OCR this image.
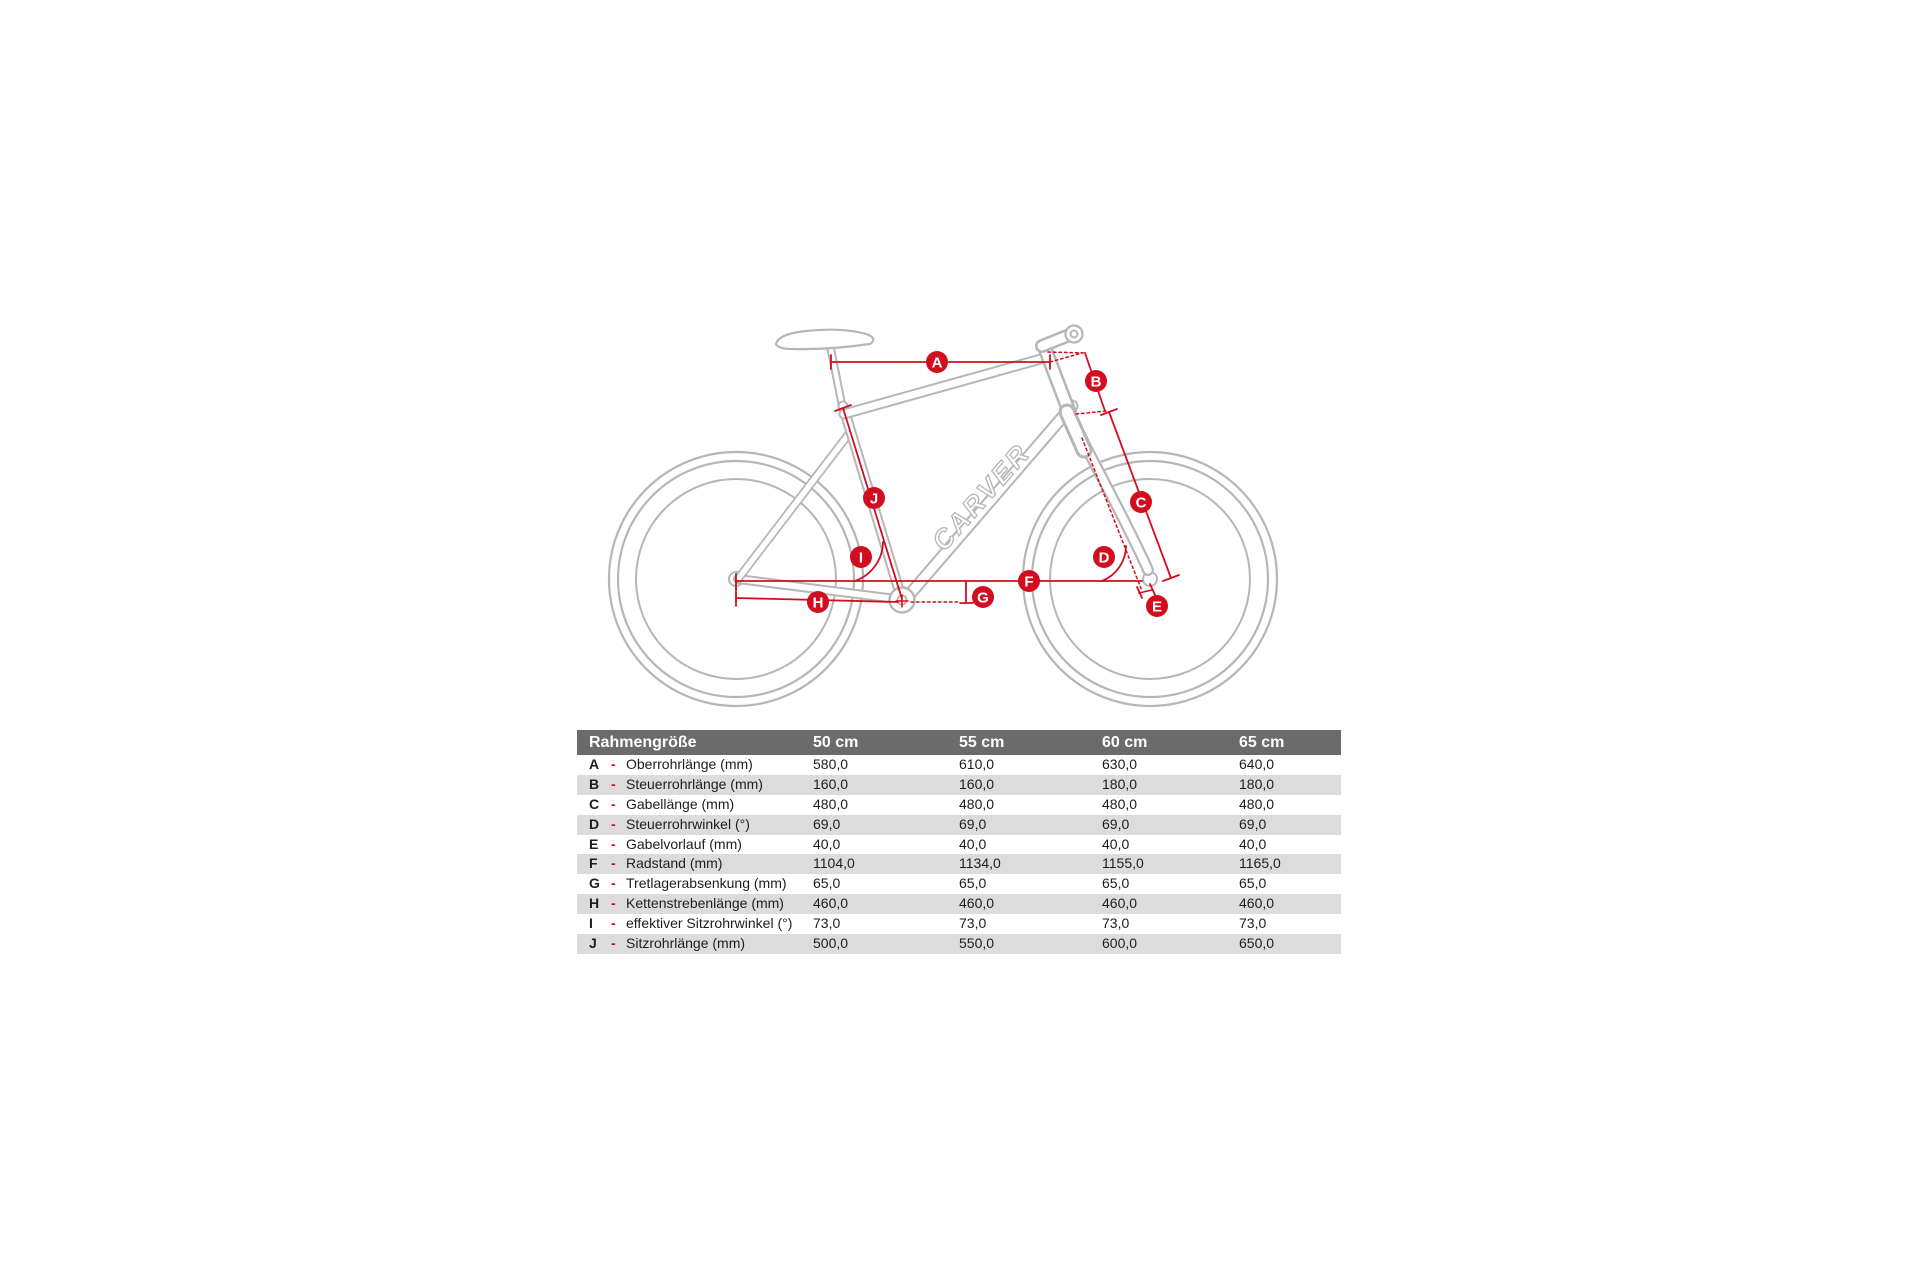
CARVER
A
B
C
D
E
F
G
H
I
J
Rahmengröße	50 cm	55 cm	60 cm	65 cm
A - Oberrohrlänge (mm)	580,0	610,0	630,0	640,0
B - Steuerrohrlänge (mm)	160,0	160,0	180,0	180,0
C - Gabellänge (mm)	480,0	480,0	480,0	480,0
D - Steuerrohrwinkel (°)	69,0	69,0	69,0	69,0
E - Gabelvorlauf (mm)	40,0	40,0	40,0	40,0
F - Radstand (mm)	1104,0	1134,0	1155,0	1165,0
G - Tretlagerabsenkung (mm) 65,0	65,0	65,0	65,0
H - Kettenstrebenlänge (mm) 460,0	460,0	460,0	460,0
I - effektiver Sitzrohrwinkel (°) 73,0	73,0	73,0	73,0
J - Sitzrohrlänge (mm)	500,0	550,0	600,0	650,0
